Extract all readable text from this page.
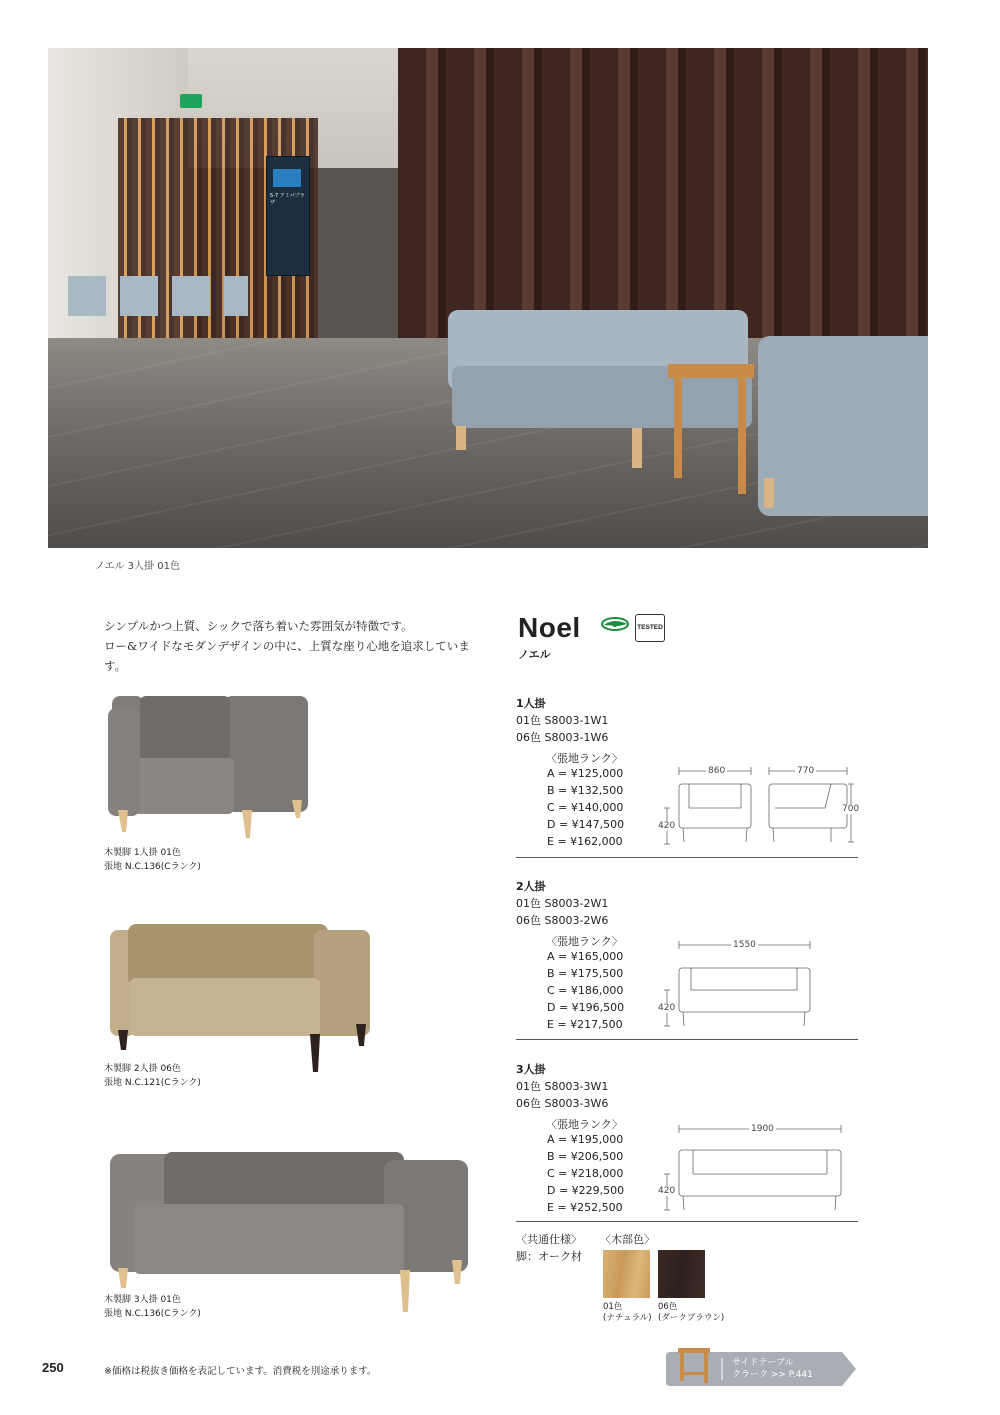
5-7 アミパプラザ
ノエル 3人掛 01色
シンプルかつ上質、シックで落ち着いた雰囲気が特徴です。
ロー&ワイドなモダンデザインの中に、上質な座り心地を追求しています。
Noel
ノエル
TESTED
1人掛
01色 S8003-1W1
06色 S8003-1W6
〈張地ランク〉
A = ¥125,000
B = ¥132,500
C = ¥140,000
D = ¥147,500
E = ¥162,000
860	770
700
420
2人掛
01色 S8003-2W1
06色 S8003-2W6
〈張地ランク〉
A = ¥165,000
B = ¥175,500
C = ¥186,000
D = ¥196,500
E = ¥217,500
1550
420
3人掛
01色 S8003-3W1
06色 S8003-3W6
〈張地ランク〉
A = ¥195,000
B = ¥206,500
C = ¥218,000
D = ¥229,500
E = ¥252,500
1900
420
木製脚 1人掛 01色
張地 N.C.136(Cランク)
木製脚 2人掛 06色
張地 N.C.121(Cランク)
木製脚 3人掛 01色
張地 N.C.136(Cランク)
〈共通仕様〉
脚：オーク材
〈木部色〉
01色
(ナチュラル)
06色
(ダークブラウン)
250	※価格は税抜き価格を表記しています。消費税を別途承ります。
サイドテーブル
クラーク >> P.441
